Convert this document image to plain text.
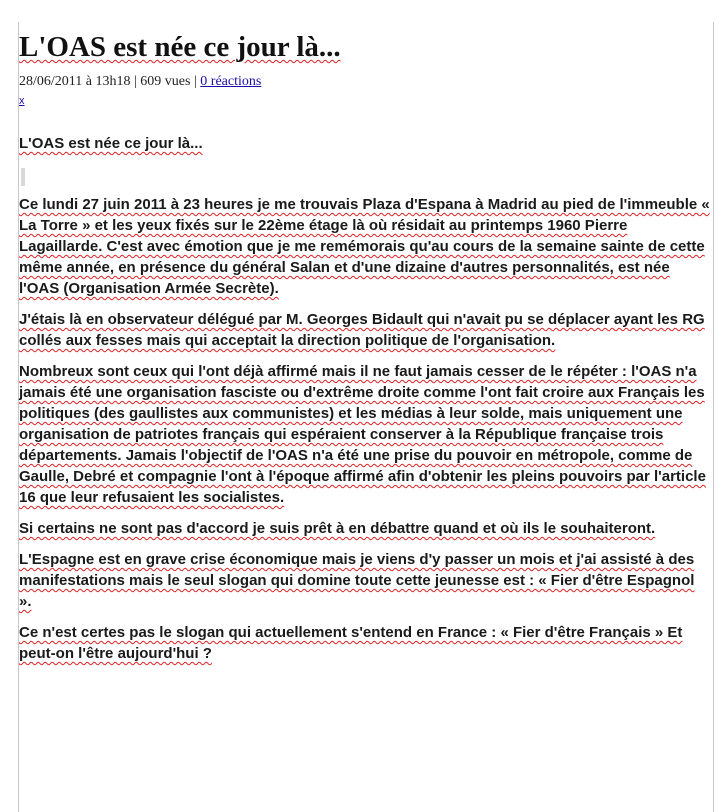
L'OAS est née ce jour là...
28/06/2011 à 13h18 | 609 vues | 0 réactions
x
L'OAS est née ce jour là...

Ce lundi 27 juin 2011 à 23 heures je me trouvais Plaza d'Espana à Madrid au pied de l'immeuble « La Torre » et les yeux fixés sur le 22ème étage là où résidait au printemps 1960 Pierre Lagaillarde. C'est avec émotion que je me remémorais qu'au cours de la semaine sainte de cette même année, en présence du général Salan et d'une dizaine d'autres personnalités, est née l'OAS (Organisation Armée Secrète).

J'étais là en observateur délégué par M. Georges Bidault qui n'avait pu se déplacer ayant les RG collés aux fesses mais qui acceptait la direction politique de l'organisation.

Nombreux sont ceux qui l'ont déjà affirmé mais il ne faut jamais cesser de le répéter : l'OAS n'a jamais été une organisation fasciste ou d'extrême droite comme l'ont fait croire aux Français les politiques (des gaullistes aux communistes) et les médias à leur solde, mais uniquement une organisation de patriotes français qui espéraient conserver à la République française trois départements. Jamais l'objectif de l'OAS n'a été une prise du pouvoir en métropole, comme de Gaulle, Debré et compagnie l'ont à l'époque affirmé afin d'obtenir les pleins pouvoirs par l'article 16 que leur refusaient les socialistes.

Si certains ne sont pas d'accord je suis prêt à en débattre quand et où ils le souhaiteront.

L'Espagne est en grave crise économique mais je viens d'y passer un mois et j'ai assisté à des manifestations mais le seul slogan qui domine toute cette jeunesse est : « Fier d'être Espagnol ».

Ce n'est certes pas le slogan qui actuellement s'entend en France : « Fier d'être Français » Et peut-on l'être aujourd'hui ?
